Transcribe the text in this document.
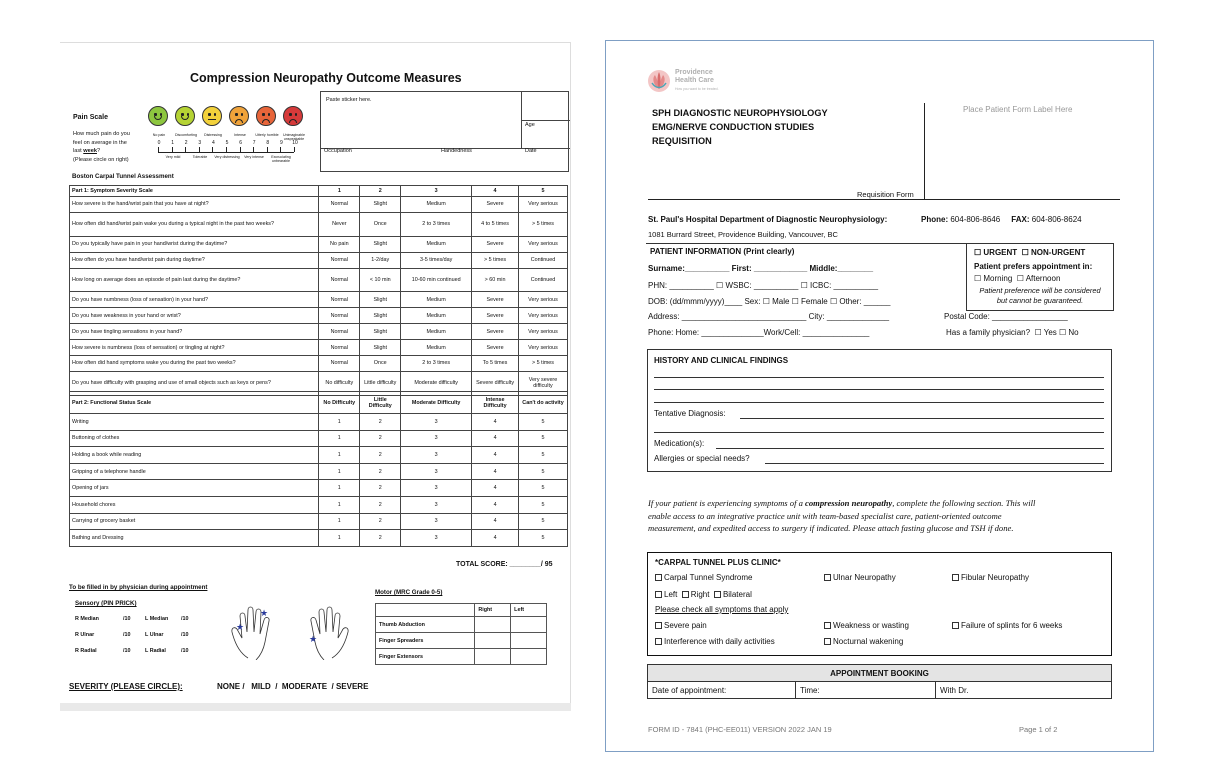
Compression Neuropathy Outcome Measures
Pain Scale
How much pain do you
feel on average in the
last week?
(Please circle on right)
No pain	Discomforting	Distressing	Intense	Utterly horrible	Unimaginable unspeakable
0	1	2	3	4	5	6	7	8	9	10
Very mild	Tolerable	Very distressing	Very intense	Excruciating unbearable
Paste sticker here.
Age
Occupation	Handedness	Date
Boston Carpal Tunnel Assessment
Part 1: Symptom Severity Scale	1	2	3	4	5
How severe is the hand/wrist pain that you have at night?	Normal	Slight	Medium	Severe	Very serious
How often did hand/wrist pain wake you during a typical night in the past two weeks?	Never	Once	2 to 3 times	4 to 5 times	> 5 times
Do you typically have pain in your hand/wrist during the daytime?	No pain	Slight	Medium	Severe	Very serious
How often do you have hand/wrist pain during daytime?	Normal	1-2/day	3-5 times/day	> 5 times	Continued
How long on average does an episode of pain last during the daytime?	Normal	< 10 min	10-60 min continued	> 60 min	Continued
Do you have numbness (loss of sensation) in your hand?	Normal	Slight	Medium	Severe	Very serious
Do you have weakness in your hand or wrist?	Normal	Slight	Medium	Severe	Very serious
Do you have tingling sensations in your hand?	Normal	Slight	Medium	Severe	Very serious
How severe is numbness (loss of sensation) or tingling at night?	Normal	Slight	Medium	Severe	Very serious
How often did hand symptoms wake you during the past two weeks?	Normal	Once	2 to 3 times	To 5 times	> 5 times
Do you have difficulty with grasping and use of small objects such as keys or pens?	No difficulty	Little difficulty	Moderate difficulty	Severe difficulty	Very severe difficulty
Part 2: Functional Status Scale	No Difficulty	Little Difficulty	Moderate Difficulty	Intense Difficulty	Can't do activity
Writing	1	2	3	4	5
Buttoning of clothes	1	2	3	4	5
Holding a book while reading	1	2	3	4	5
Gripping of a telephone handle	1	2	3	4	5
Opening of jars	1	2	3	4	5
Household chores	1	2	3	4	5
Carrying of grocery basket	1	2	3	4	5
Bathing and Dressing	1	2	3	4	5
TOTAL SCORE: ________/ 95
To be filled in by physician during appointment
Sensory (PIN PRICK)
R Median	/10	L Median /10
R Ulnar	/10	L Ulnar	/10
R Radial	/10	L Radial	/10
★
★
★
Motor (MRC Grade 0-5)
	Right	Left
Thumb Abduction		
Finger Spreaders		
Finger Extensors		
SEVERITY (PLEASE CIRCLE):	NONE /   MILD  /  MODERATE  / SEVERE
Providence
Health Care
How you want to be treated.
SPH DIAGNOSTIC NEUROPHYSIOLOGY
EMG/NERVE CONDUCTION STUDIES
REQUISITION
Place Patient Form Label Here
Requisition Form
St. Paul's Hospital Department of Diagnostic Neurophysiology:	Phone: 604-806-8646 FAX: 604-806-8624
1081 Burrard Street, Providence Building, Vancouver, BC
PATIENT INFORMATION (Print clearly)
Surname:__________ First: ____________ Middle:________
PHN: __________ ☐ WSBC: __________ ☐ ICBC: __________
DOB: (dd/mmm/yyyy)____ Sex: ☐ Male ☐ Female ☐ Other: ______
Address: ____________________________ City: ______________	Postal Code: _________________
Phone: Home: ______________Work/Cell: _______________	Has a family physician?  ☐ Yes ☐ No
☐ URGENT  ☐ NON-URGENT
Patient prefers appointment in:
☐ Morning  ☐ Afternoon
Patient preference will be considered
but cannot be guaranteed.
HISTORY AND CLINICAL FINDINGS
Tentative Diagnosis:
Medication(s):
Allergies or special needs?
If your patient is experiencing symptoms of a compression neuropathy, complete the following section. This will
enable access to an integrative practice unit with team-based specialist care, patient-oriented outcome
measurement, and expedited access to surgery if indicated. Please attach fasting glucose and TSH if done.
*CARPAL TUNNEL PLUS CLINIC*
Carpal Tunnel Syndrome	Ulnar Neuropathy	Fibular Neuropathy
Left Right Bilateral
Please check all symptoms that apply
Severe pain	Weakness or wasting	Failure of splints for 6 weeks
Interference with daily activities	Nocturnal wakening
APPOINTMENT BOOKING
Date of appointment:	Time:	With Dr.
FORM ID - 7841 (PHC-EE011) VERSION 2022 JAN 19	Page 1 of 2
